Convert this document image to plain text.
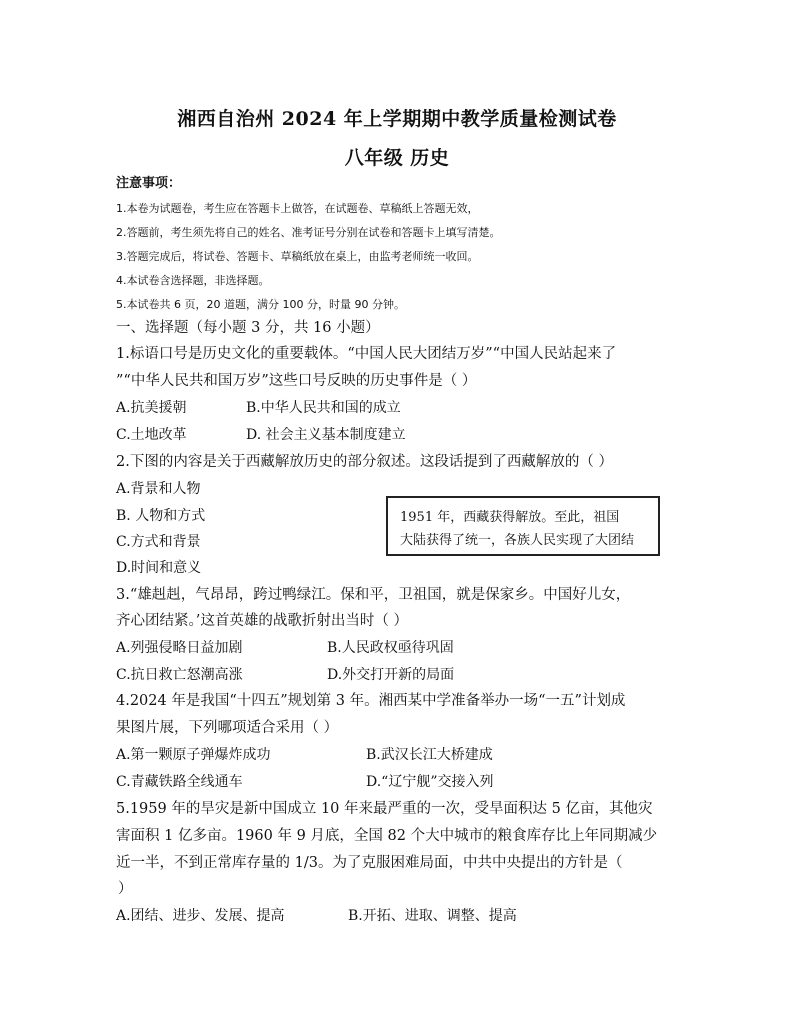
湘西自治州 2024 年上学期期中教学质量检测试卷
八年级 历史
注意事项：
1.本卷为试题卷，考生应在答题卡上做答，在试题卷、草稿纸上答题无效，
2.答题前，考生须先将自己的姓名、准考证号分别在试卷和答题卡上填写清楚。
3.答题完成后，将试卷、答题卡、草稿纸放在桌上，由监考老师统一收回。
4.本试卷含选择题，非选择题。
5.本试卷共 6 页，20 道题，满分 100 分，时量 90 分钟。
一、选择题（每小题 3 分，共 16 小题）
1.标语口号是历史文化的重要载体。“中国人民大团结万岁”“中国人民站起来了
”“中华人民共和国万岁”这些口号反映的历史事件是（ ）
A.抗美援朝	B.中华人民共和国的成立
C.土地改革	D. 社会主义基本制度建立
2.下图的内容是关于西藏解放历史的部分叙述。这段话提到了西藏解放的（ ）
A.背景和人物
B. 人物和方式
C.方式和背景
D.时间和意义
1951 年，西藏获得解放。至此，祖国
大陆获得了统一，各族人民实现了大团结
3.“雄赳赳，气昂昂，跨过鸭绿江。保和平，卫祖国，就是保家乡。中国好儿女，
齐心团结紧。’这首英雄的战歌折射出当时（ ）
A.列强侵略日益加剧	B.人民政权亟待巩固
C.抗日救亡怒潮高涨	D.外交打开新的局面
4.2024 年是我国“十四五”规划第 3 年。湘西某中学准备举办一场“一五”计划成
果图片展，下列哪项适合采用（ ）
A.第一颗原子弹爆炸成功	B.武汉长江大桥建成
C.青藏铁路全线通车	D.“辽宁舰”交接入列
5.1959 年的旱灾是新中国成立 10 年来最严重的一次，受旱面积达 5 亿亩，其他灾
害面积 1 亿多亩。1960 年 9 月底，全国 82 个大中城市的粮食库存比上年同期减少
近一半，不到正常库存量的 1/3。为了克服困难局面，中共中央提出的方针是（
）
A.团结、进步、发展、提高	B.开拓、进取、调整、提高
